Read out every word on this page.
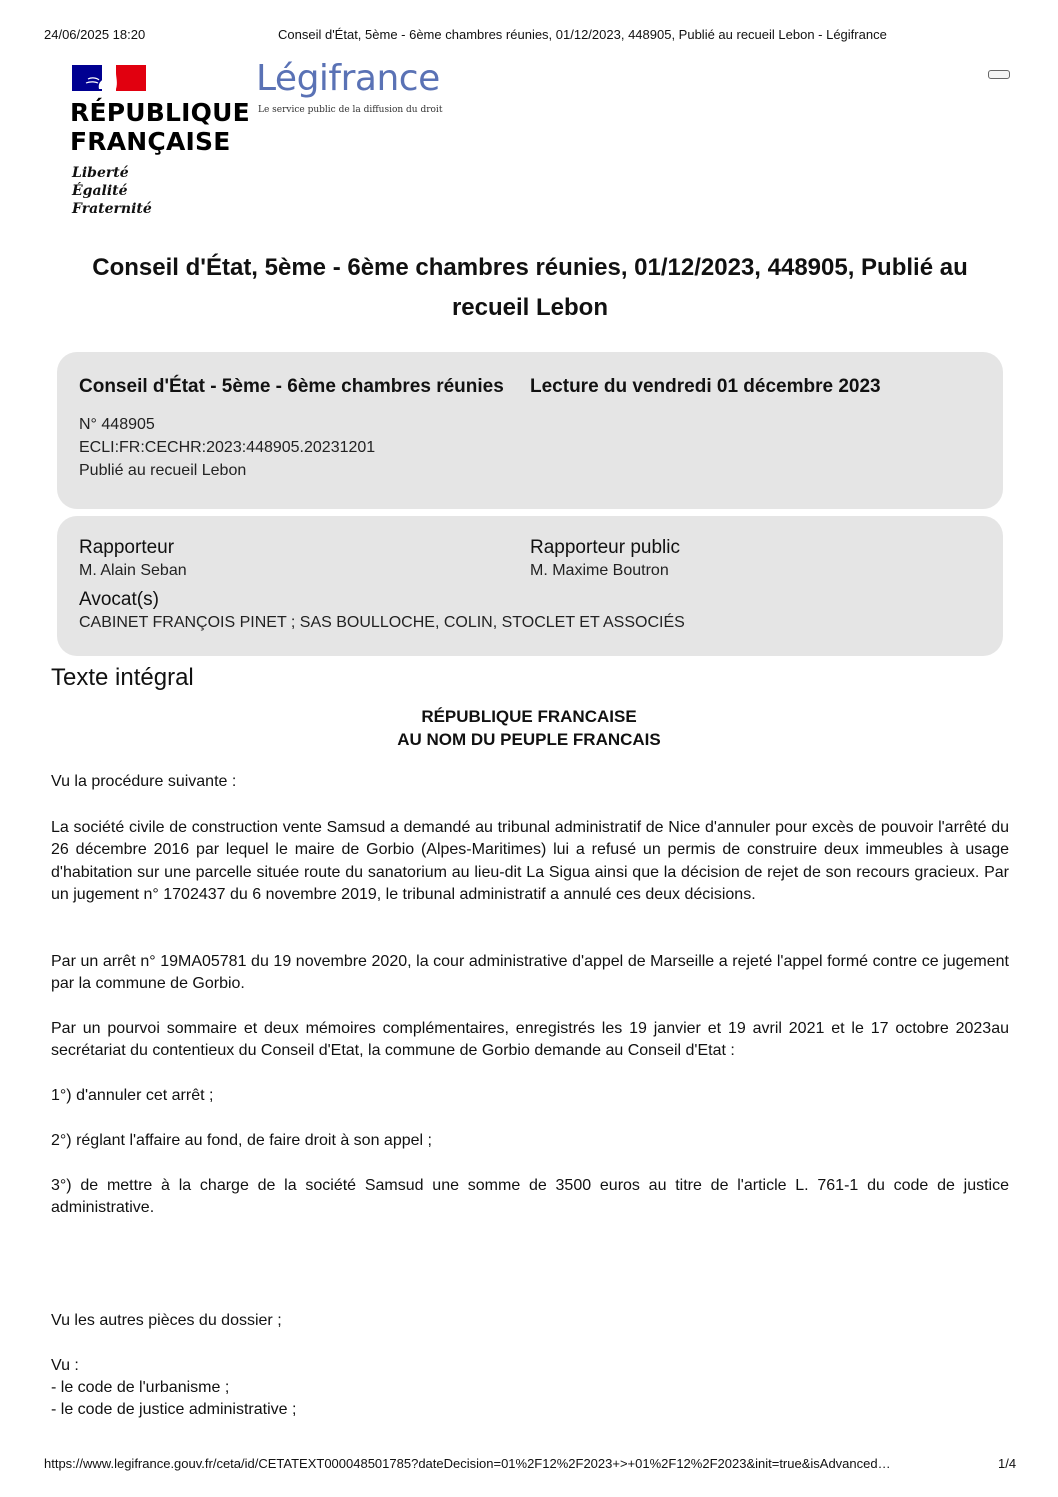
24/06/2025 18:20	Conseil d'État, 5ème - 6ème chambres réunies, 01/12/2023, 448905, Publié au recueil Lebon - Légifrance
RÉPUBLIQUE
FRANÇAISE
Liberté
Égalité
Fraternité
Légifrance
Le service public de la diffusion du droit
Conseil d'État, 5ème - 6ème chambres réunies, 01/12/2023, 448905, Publié au recueil Lebon
Conseil d'État - 5ème - 6ème chambres réunies Lecture du vendredi 01 décembre 2023
N° 448905
ECLI:FR:CECHR:2023:448905.20231201
Publié au recueil Lebon
Rapporteur
M. Alain Seban
Rapporteur public
M. Maxime Boutron
Avocat(s)
CABINET FRANÇOIS PINET ; SAS BOULLOCHE, COLIN, STOCLET ET ASSOCIÉS
Texte intégral
RÉPUBLIQUE FRANCAISE
AU NOM DU PEUPLE FRANCAIS
Vu la procédure suivante :
La société civile de construction vente Samsud a demandé au tribunal administratif de Nice d'annuler pour excès de pouvoir l'arrêté du 26 décembre 2016 par lequel le maire de Gorbio (Alpes-Maritimes) lui a refusé un permis de construire deux immeubles à usage d'habitation sur une parcelle située route du sanatorium au lieu-dit La Sigua ainsi que la décision de rejet de son recours gracieux. Par un jugement n° 1702437 du 6 novembre 2019, le tribunal administratif a annulé ces deux décisions.
Par un arrêt n° 19MA05781 du 19 novembre 2020, la cour administrative d'appel de Marseille a rejeté l'appel formé contre ce jugement par la commune de Gorbio.
Par un pourvoi sommaire et deux mémoires complémentaires, enregistrés les 19 janvier et 19 avril 2021 et le 17 octobre 2023au secrétariat du contentieux du Conseil d'Etat, la commune de Gorbio demande au Conseil d'Etat :
1°) d'annuler cet arrêt ;
2°) réglant l'affaire au fond, de faire droit à son appel ;
3°) de mettre à la charge de la société Samsud une somme de 3500 euros au titre de l'article L. 761-1 du code de justice administrative.
Vu les autres pièces du dossier ;
Vu :
- le code de l'urbanisme ;
- le code de justice administrative ;
https://www.legifrance.gouv.fr/ceta/id/CETATEXT000048501785?dateDecision=01%2F12%2F2023+>+01%2F12%2F2023&init=true&isAdvanced…	1/4
